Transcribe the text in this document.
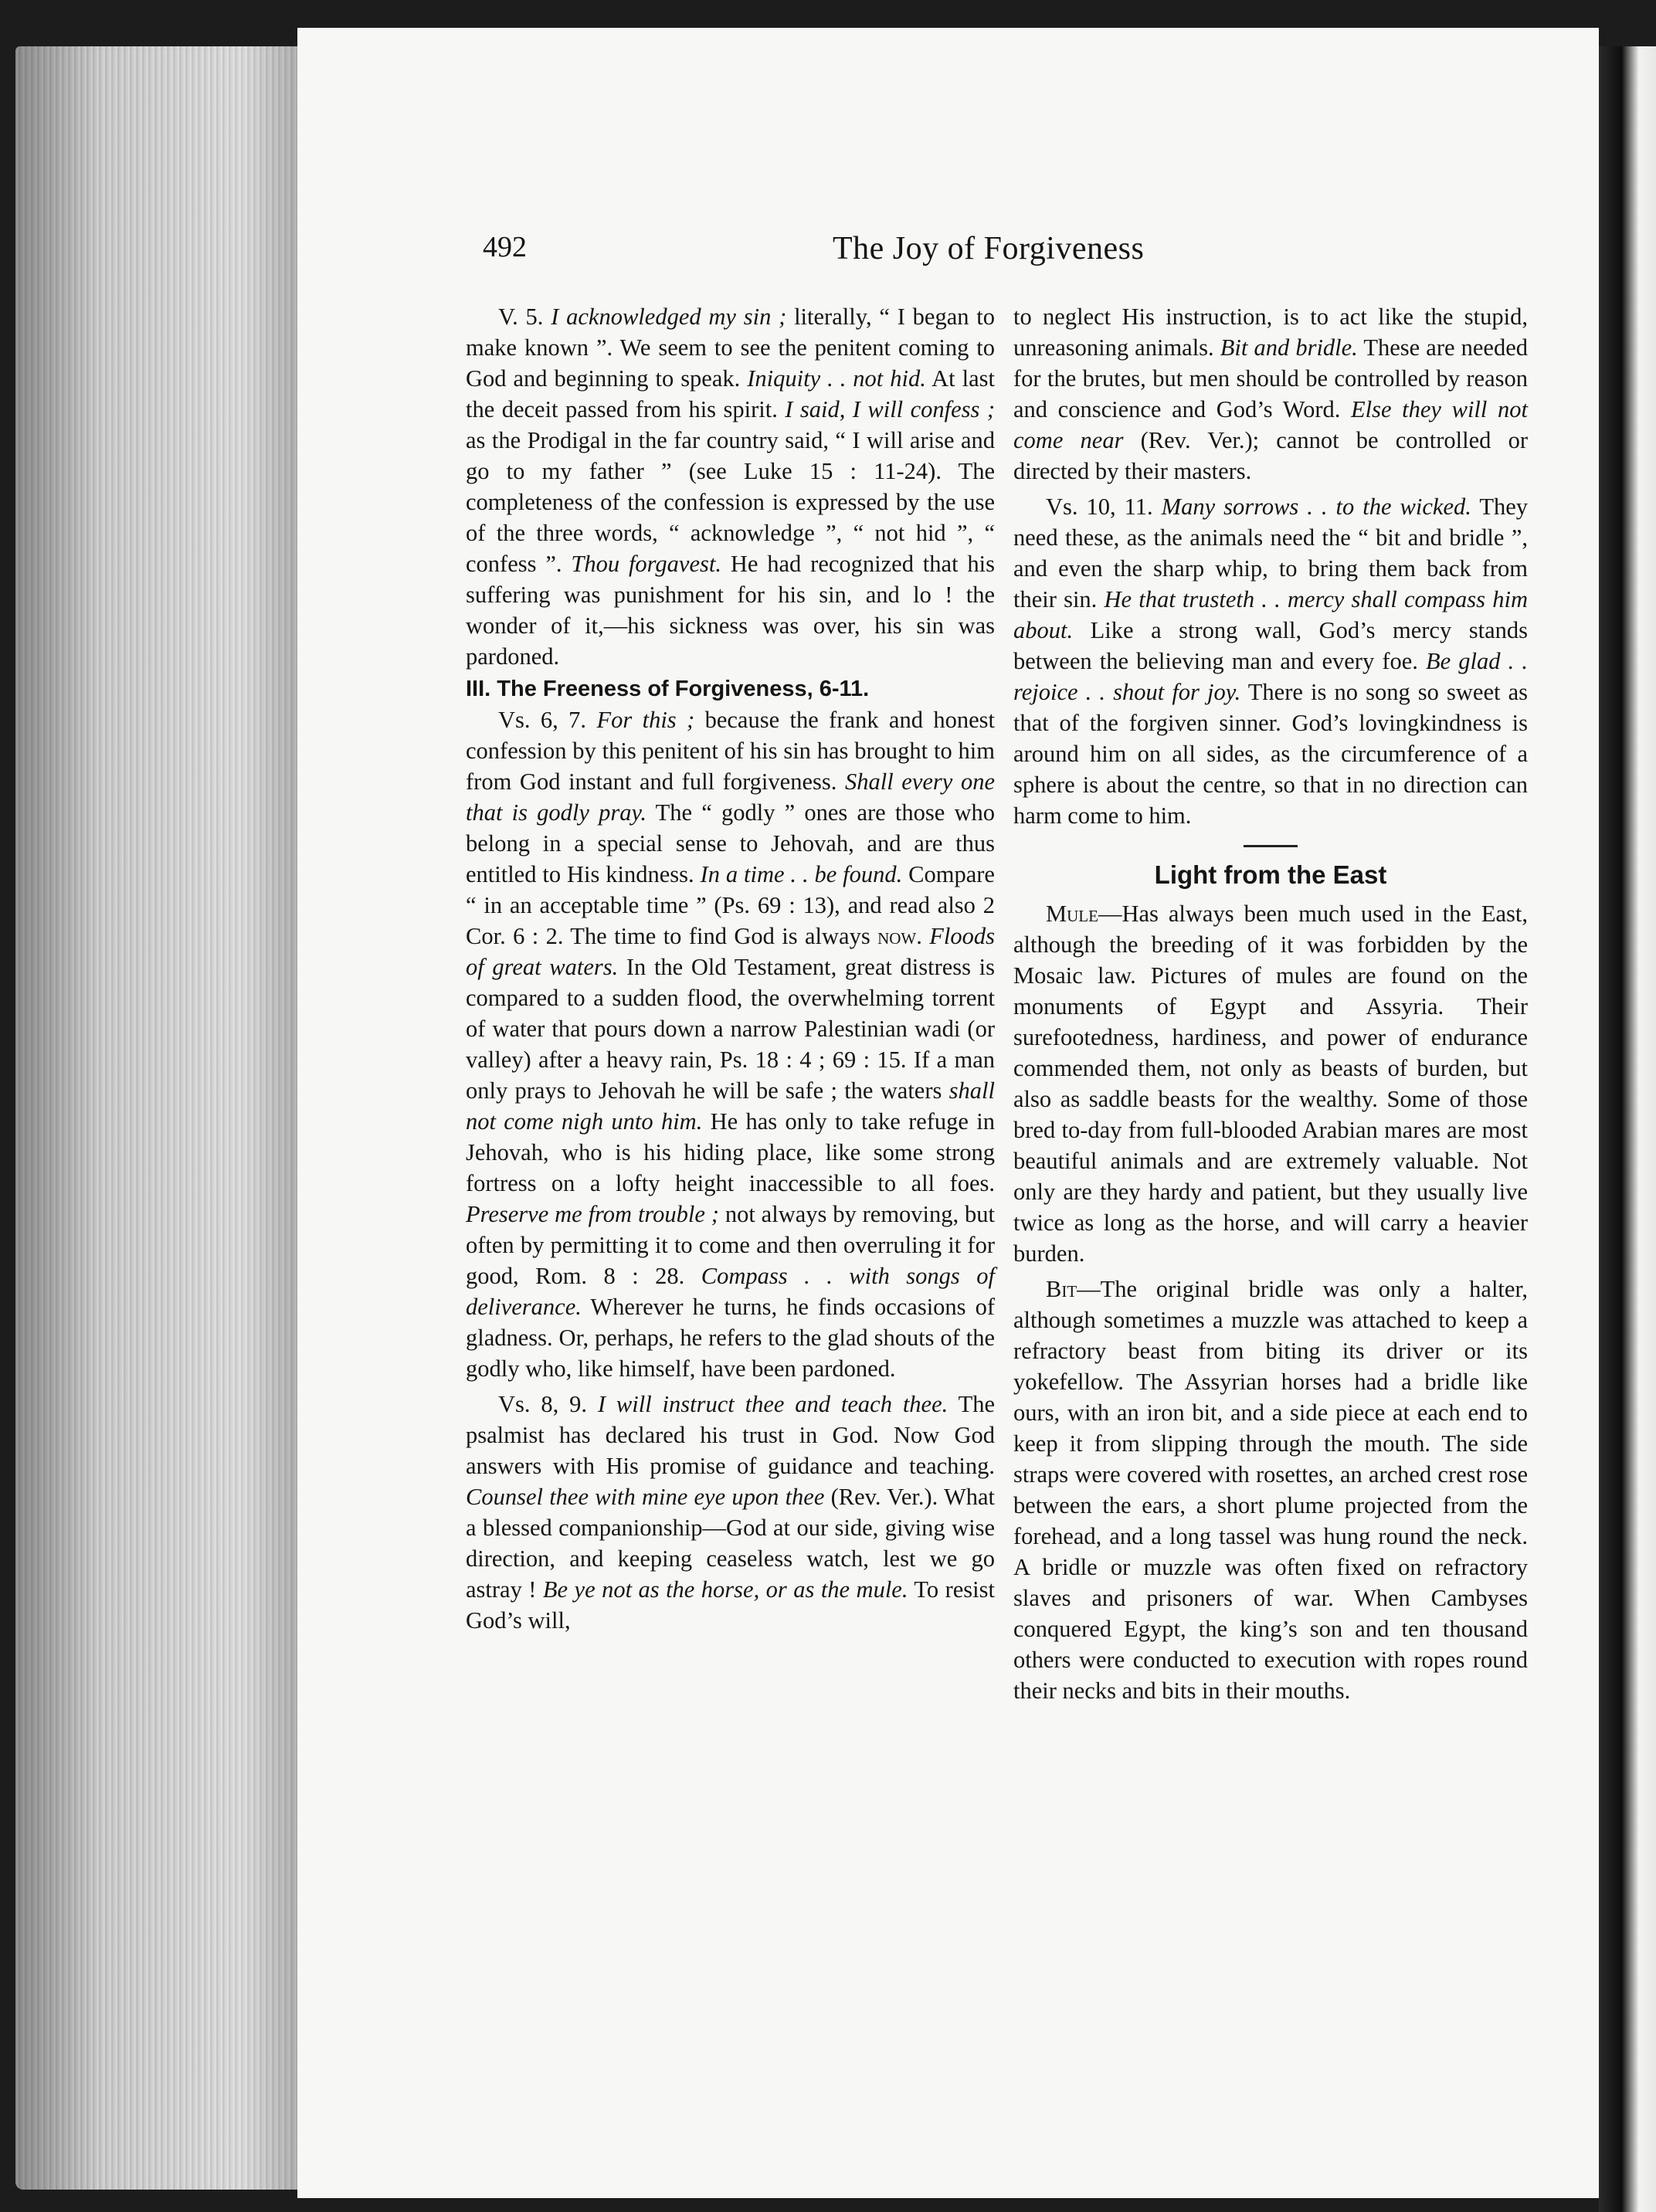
492	The Joy of Forgiveness

V. 5. I acknowledged my sin ; literally, “ I began to make known ”. We seem to see the penitent coming to God and beginning to speak. Iniquity . . not hid. At last the deceit passed from his spirit. I said, I will confess ; as the Prodigal in the far country said, “ I will arise and go to my father ” (see Luke 15 : 11-24). The completeness of the confession is expressed by the use of the three words, “ acknowledge ”, “ not hid ”, “ confess ”. Thou forgavest. He had recognized that his suffering was punishment for his sin, and lo ! the wonder of it,—his sickness was over, his sin was pardoned.

III. The Freeness of Forgiveness, 6-11.

Vs. 6, 7. For this ; because the frank and honest confession by this penitent of his sin has brought to him from God instant and full forgiveness. Shall every one that is godly pray. The “ godly ” ones are those who belong in a special sense to Jehovah, and are thus entitled to His kindness. In a time . . be found. Compare “ in an acceptable time ” (Ps. 69 : 13), and read also 2 Cor. 6 : 2. The time to find God is always now. Floods of great waters. In the Old Testament, great distress is compared to a sudden flood, the overwhelming torrent of water that pours down a narrow Palestinian wadi (or valley) after a heavy rain, Ps. 18 : 4 ; 69 : 15. If a man only prays to Jehovah he will be safe ; the waters shall not come nigh unto him. He has only to take refuge in Jehovah, who is his hiding place, like some strong fortress on a lofty height inaccessible to all foes. Preserve me from trouble ; not always by removing, but often by permitting it to come and then overruling it for good, Rom. 8 : 28. Compass . . with songs of deliverance. Wherever he turns, he finds occasions of gladness. Or, perhaps, he refers to the glad shouts of the godly who, like himself, have been pardoned.

Vs. 8, 9. I will instruct thee and teach thee. The psalmist has declared his trust in God. Now God answers with His promise of guidance and teaching. Counsel thee with mine eye upon thee (Rev. Ver.). What a blessed companionship—God at our side, giving wise direction, and keeping ceaseless watch, lest we go astray ! Be ye not as the horse, or as the mule. To resist God’s will,

to neglect His instruction, is to act like the stupid, unreasoning animals. Bit and bridle. These are needed for the brutes, but men should be controlled by reason and conscience and God’s Word. Else they will not come near (Rev. Ver.); cannot be controlled or directed by their masters.

Vs. 10, 11. Many sorrows . . to the wicked. They need these, as the animals need the “ bit and bridle ”, and even the sharp whip, to bring them back from their sin. He that trusteth . . mercy shall compass him about. Like a strong wall, God’s mercy stands between the believing man and every foe. Be glad . . rejoice . . shout for joy. There is no song so sweet as that of the forgiven sinner. God’s lovingkindness is around him on all sides, as the circumference of a sphere is about the centre, so that in no direction can harm come to him.

Light from the East

Mule—Has always been much used in the East, although the breeding of it was forbidden by the Mosaic law. Pictures of mules are found on the monuments of Egypt and Assyria. Their surefootedness, hardiness, and power of endurance commended them, not only as beasts of burden, but also as saddle beasts for the wealthy. Some of those bred to-day from full-blooded Arabian mares are most beautiful animals and are extremely valuable. Not only are they hardy and patient, but they usually live twice as long as the horse, and will carry a heavier burden.

Bit—The original bridle was only a halter, although sometimes a muzzle was attached to keep a refractory beast from biting its driver or its yokefellow. The Assyrian horses had a bridle like ours, with an iron bit, and a side piece at each end to keep it from slipping through the mouth. The side straps were covered with rosettes, an arched crest rose between the ears, a short plume projected from the forehead, and a long tassel was hung round the neck. A bridle or muzzle was often fixed on refractory slaves and prisoners of war. When Cambyses conquered Egypt, the king’s son and ten thousand others were conducted to execution with ropes round their necks and bits in their mouths.
